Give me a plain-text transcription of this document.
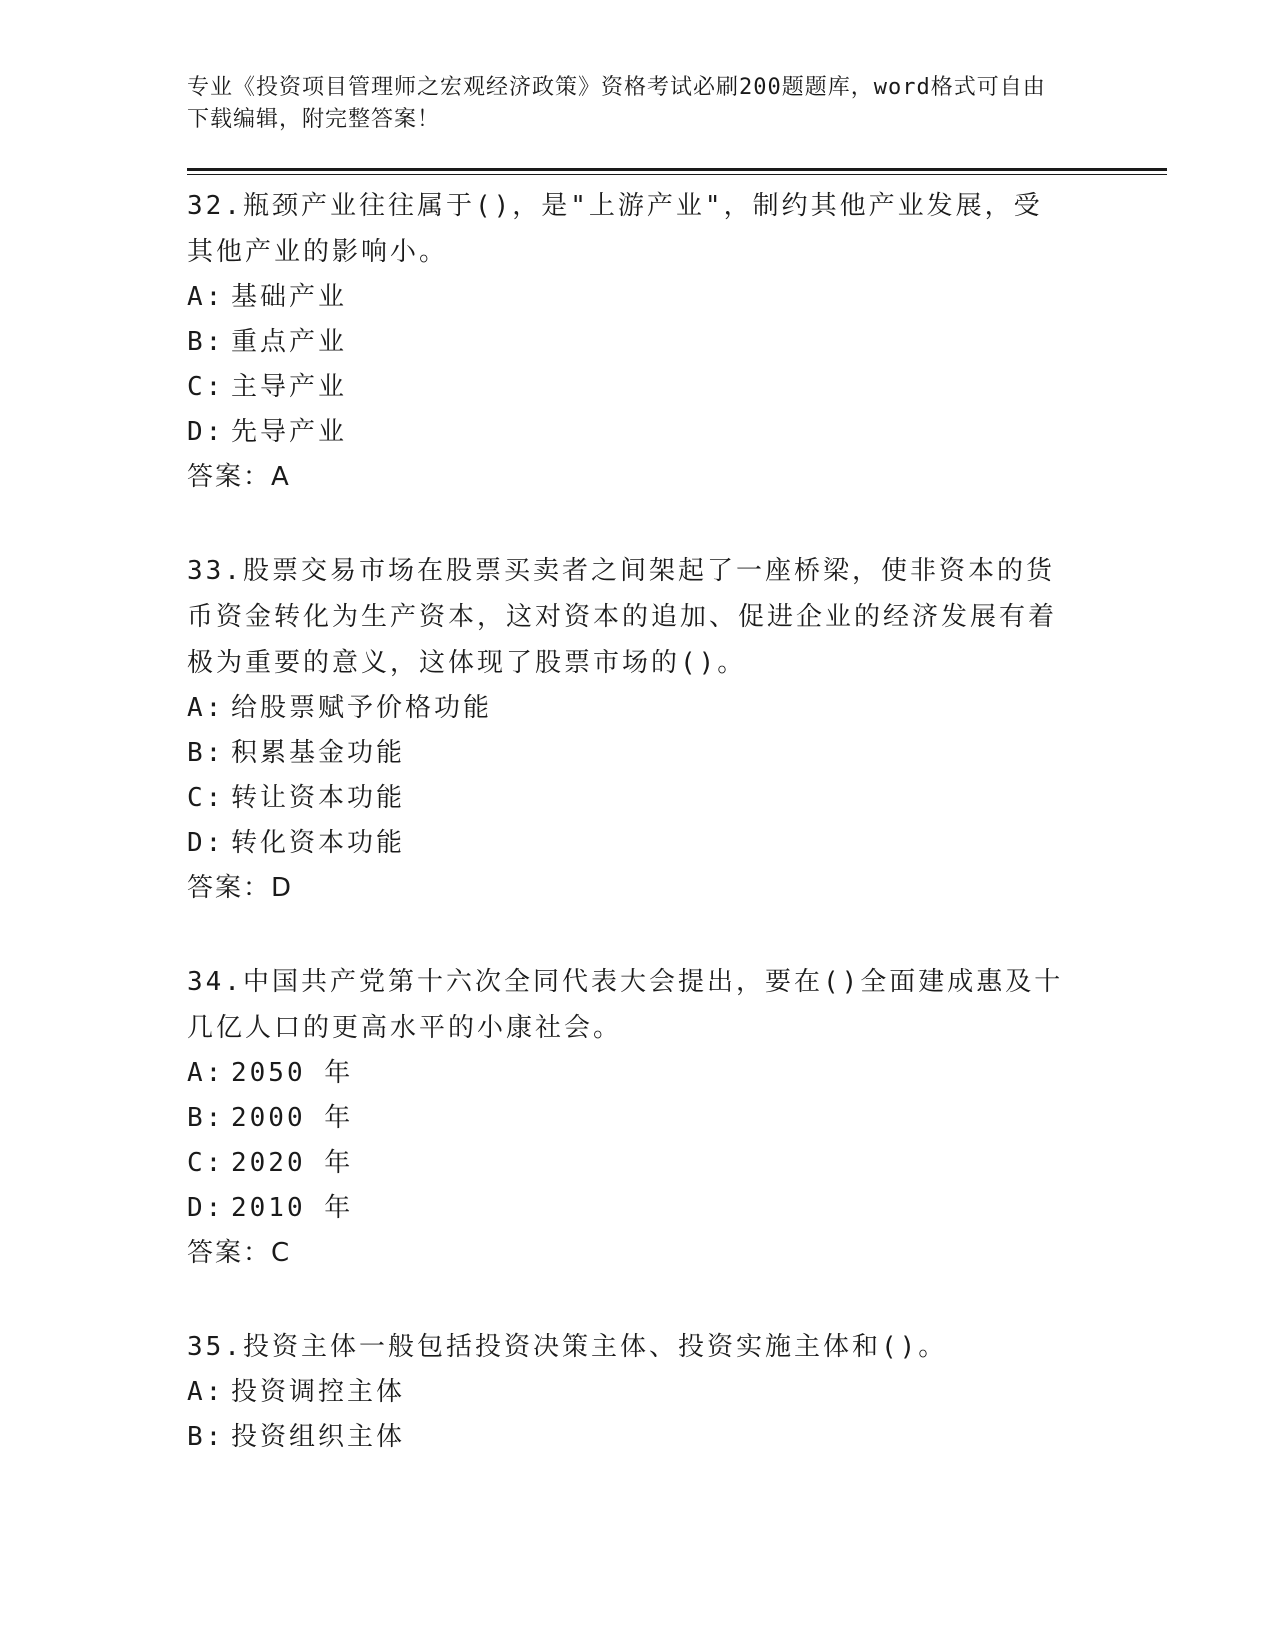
专业《投资项目管理师之宏观经济政策》资格考试必刷200题题库，word格式可自由下载编辑，附完整答案！
32.瓶颈产业往往属于()，是"上游产业"，制约其他产业发展，受其他产业的影响小。
A: 基础产业
B: 重点产业
C: 主导产业
D: 先导产业
答案：A
33.股票交易市场在股票买卖者之间架起了一座桥梁，使非资本的货币资金转化为生产资本，这对资本的追加、促进企业的经济发展有着极为重要的意义，这体现了股票市场的()。
A: 给股票赋予价格功能
B: 积累基金功能
C: 转让资本功能
D: 转化资本功能
答案：D
34.中国共产党第十六次全同代表大会提出，要在()全面建成惠及十几亿人口的更高水平的小康社会。
A: 2050 年
B: 2000 年
C: 2020 年
D: 2010 年
答案：C
35.投资主体一般包括投资决策主体、投资实施主体和()。
A: 投资调控主体
B: 投资组织主体
